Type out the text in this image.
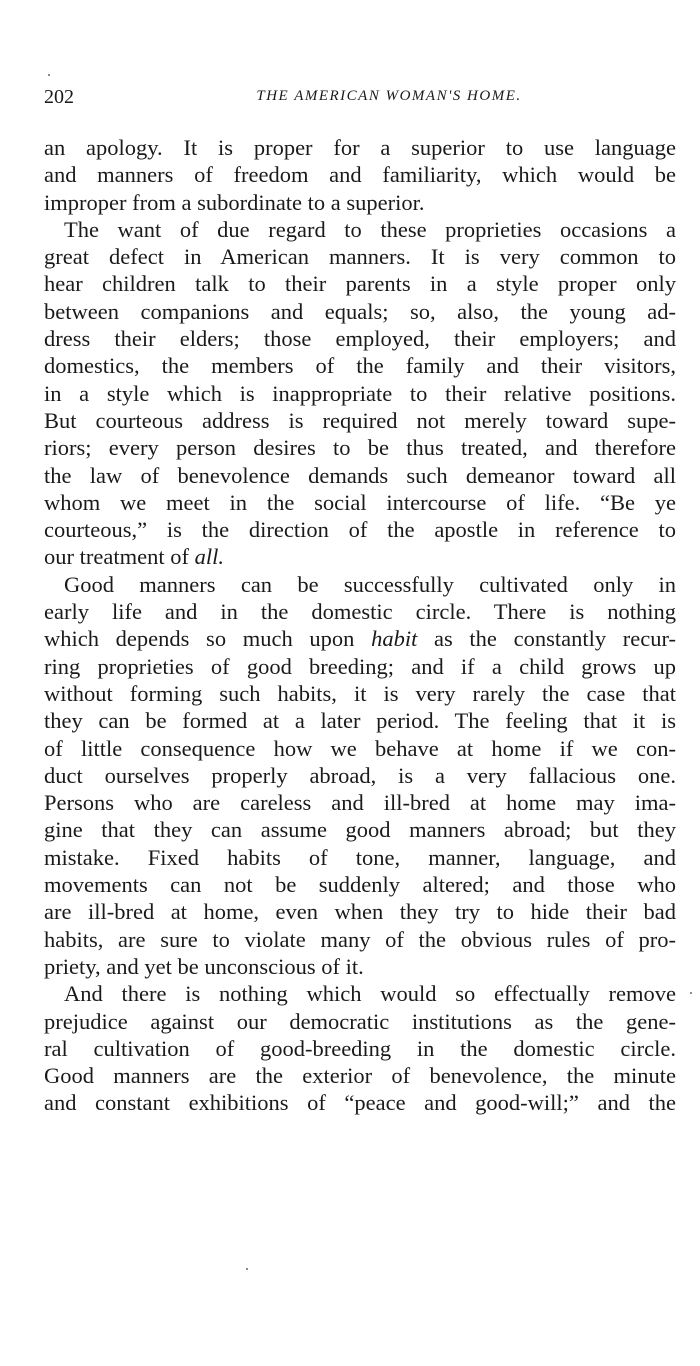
202	THE AMERICAN WOMAN'S HOME.

an apology. It is proper for a superior to use language
and manners of freedom and familiarity, which would be
improper from a subordinate to a superior.

The want of due regard to these proprieties occasions a
great defect in American manners. It is very common to
hear children talk to their parents in a style proper only
between companions and equals; so, also, the young ad-
dress their elders; those employed, their employers; and
domestics, the members of the family and their visitors,
in a style which is inappropriate to their relative positions.
But courteous address is required not merely toward supe-
riors; every person desires to be thus treated, and therefore
the law of benevolence demands such demeanor toward all
whom we meet in the social intercourse of life. “Be ye
courteous,” is the direction of the apostle in reference to
our treatment of all.

Good manners can be successfully cultivated only in
early life and in the domestic circle. There is nothing
which depends so much upon habit as the constantly recur-
ring proprieties of good breeding; and if a child grows up
without forming such habits, it is very rarely the case that
they can be formed at a later period. The feeling that it is
of little consequence how we behave at home if we con-
duct ourselves properly abroad, is a very fallacious one.
Persons who are careless and ill-bred at home may ima-
gine that they can assume good manners abroad; but they
mistake. Fixed habits of tone, manner, language, and
movements can not be suddenly altered; and those who
are ill-bred at home, even when they try to hide their bad
habits, are sure to violate many of the obvious rules of pro-
priety, and yet be unconscious of it.

And there is nothing which would so effectually remove
prejudice against our democratic institutions as the gene-
ral cultivation of good-breeding in the domestic circle.
Good manners are the exterior of benevolence, the minute
and constant exhibitions of “peace and good-will;” and the
